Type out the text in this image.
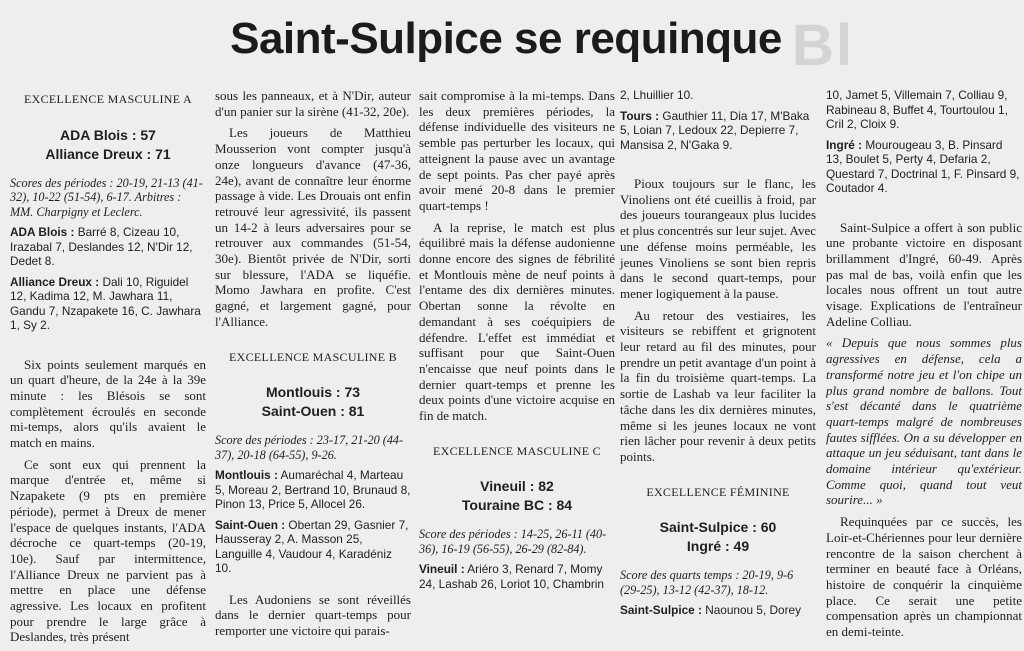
Bl
Saint-Sulpice se requinque
EXCELLENCE MASCULINE A
ADA Blois : 57
Alliance Dreux : 71
Scores des périodes : 20-19, 21-13 (41-32), 10-22 (51-54), 6-17. Arbitres : MM. Charpigny et Leclerc.
ADA Blois : Barré 8, Cizeau 10, Irazabal 7, Deslandes 12, N'Dir 12, Dedet 8.
Alliance Dreux : Dali 10, Riguidel 12, Kadima 12, M. Jawhara 11, Gandu 7, Nzapakete 16, C. Jawhara 1, Sy 2.

Six points seulement marqués en un quart d'heure, de la 24e à la 39e minute : les Blésois se sont complètement écroulés en seconde mi-temps, alors qu'ils avaient le match en mains.

Ce sont eux qui prennent la marque d'entrée et, même si Nzapakete (9 pts en première période), permet à Dreux de mener l'espace de quelques instants, l'ADA décroche ce quart-temps (20-19, 10e). Sauf par intermittence, l'Alliance Dreux ne parvient pas à mettre en place une défense agressive. Les locaux en profitent pour prendre le large grâce à Deslandes, très présent

sous les panneaux, et à N'Dir, auteur d'un panier sur la sirène (41-32, 20e).

Les joueurs de Matthieu Mousserion vont compter jusqu'à onze longueurs d'avance (47-36, 24e), avant de connaître leur énorme passage à vide. Les Drouais ont enfin retrouvé leur agressivité, ils passent un 14-2 à leurs adversaires pour se retrouver aux commandes (51-54, 30e). Bientôt privée de N'Dir, sorti sur blessure, l'ADA se liquéfie. Momo Jawhara en profite. C'est gagné, et largement gagné, pour l'Alliance.

EXCELLENCE MASCULINE B
Montlouis : 73
Saint-Ouen : 81
Score des périodes : 23-17, 21-20 (44-37), 20-18 (64-55), 9-26.
Montlouis : Aumaréchal 4, Marteau 5, Moreau 2, Bertrand 10, Brunaud 8, Pinon 13, Price 5, Allocel 26.
Saint-Ouen : Obertan 29, Gasnier 7, Hausseray 2, A. Masson 25, Languille 4, Vaudour 4, Karadéniz 10.

Les Audoniens se sont réveillés dans le dernier quart-temps pour remporter une victoire qui parais-

sait compromise à la mi-temps. Dans les deux premières périodes, la défense individuelle des visiteurs ne semble pas perturber les locaux, qui atteignent la pause avec un avantage de sept points. Pas cher payé après avoir mené 20-8 dans le premier quart-temps !

A la reprise, le match est plus équilibré mais la défense audonienne donne encore des signes de fébrilité et Montlouis mène de neuf points à l'entame des dix dernières minutes. Obertan sonne la révolte en demandant à ses coéquipiers de défendre. L'effet est immédiat et suffisant pour que Saint-Ouen n'encaisse que neuf points dans le dernier quart-temps et prenne les deux points d'une victoire acquise en fin de match.

EXCELLENCE MASCULINE C
Vineuil : 82
Touraine BC : 84
Score des périodes : 14-25, 26-11 (40-36), 16-19 (56-55), 26-29 (82-84).
Vineuil : Ariéro 3, Renard 7, Momy 24, Lashab 26, Loriot 10, Chambrin
2, Lhuillier 10.
Tours : Gauthier 11, Dia 17, M'Baka 5, Loian 7, Ledoux 22, Depierre 7, Mansisa 2, N'Gaka 9.

Pioux toujours sur le flanc, les Vinoliens ont été cueillis à froid, par des joueurs tourangeaux plus lucides et plus concentrés sur leur sujet. Avec une défense moins perméable, les jeunes Vinoliens se sont bien repris dans le second quart-temps, pour mener logiquement à la pause.

Au retour des vestiaires, les visiteurs se rebiffent et grignotent leur retard au fil des minutes, pour prendre un petit avantage d'un point à la fin du troisième quart-temps. La sortie de Lashab va leur faciliter la tâche dans les dix dernières minutes, même si les jeunes locaux ne vont rien lâcher pour revenir à deux petits points.

EXCELLENCE FÉMININE
Saint-Sulpice : 60
Ingré : 49
Score des quarts temps : 20-19, 9-6 (29-25), 13-12 (42-37), 18-12.
Saint-Sulpice : Naounou 5, Dorey
10, Jamet 5, Villemain 7, Colliau 9, Rabineau 8, Buffet 4, Tourtoulou 1, Cril 2, Cloix 9.
Ingré : Mourougeau 3, B. Pinsard 13, Boulet 5, Perty 4, Defaria 2, Questard 7, Doctrinal 1, F. Pinsard 9, Coutador 4.

Saint-Sulpice a offert à son public une probante victoire en disposant brillamment d'Ingré, 60-49. Après pas mal de bas, voilà enfin que les locales nous offrent un tout autre visage. Explications de l'entraîneur Adeline Colliau.

« Depuis que nous sommes plus agressives en défense, cela a transformé notre jeu et l'on chipe un plus grand nombre de ballons. Tout s'est décanté dans le quatrième quart-temps malgré de nombreuses fautes sifflées. On a su développer en attaque un jeu séduisant, tant dans le domaine intérieur qu'extérieur. Comme quoi, quand tout veut sourire... »

Requinquées par ce succès, les Loir-et-Chériennes pour leur dernière rencontre de la saison cherchent à terminer en beauté face à Orléans, histoire de conquérir la cinquième place. Ce serait une petite compensation après un championnat en demi-teinte.
